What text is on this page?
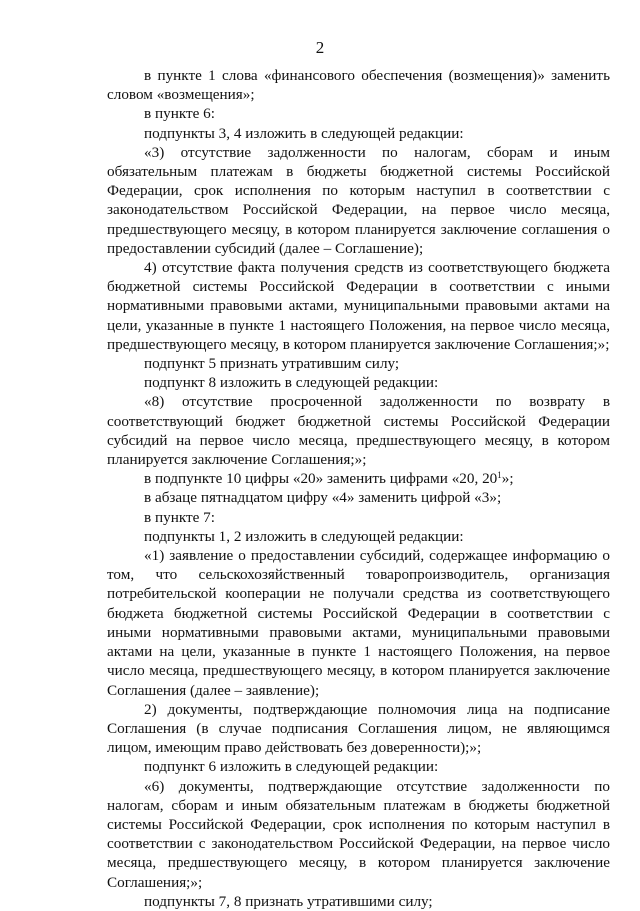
2

в пункте 1 слова «финансового обеспечения (возмещения)» заменить словом «возмещения»;

в пункте 6:

подпункты 3, 4 изложить в следующей редакции:

«3) отсутствие задолженности по налогам, сборам и иным обязательным платежам в бюджеты бюджетной системы Российской Федерации, срок исполнения по которым наступил в соответствии с законодательством Российской Федерации, на первое число месяца, предшествующего месяцу, в котором планируется заключение соглашения о предоставлении субсидий (далее – Соглашение);

4) отсутствие факта получения средств из соответствующего бюджета бюджетной системы Российской Федерации в соответствии с иными нормативными правовыми актами, муниципальными правовыми актами на цели, указанные в пункте 1 настоящего Положения, на первое число месяца, предшествующего месяцу, в котором планируется заключение Соглашения;»;

подпункт 5 признать утратившим силу;

подпункт 8 изложить в следующей редакции:

«8) отсутствие просроченной задолженности по возврату в соответствующий бюджет бюджетной системы Российской Федерации субсидий на первое число месяца, предшествующего месяцу, в котором планируется заключение Соглашения;»;

в подпункте 10 цифры «20» заменить цифрами «20, $20^1$»;

в абзаце пятнадцатом цифру «4» заменить цифрой «3»;

в пункте 7:

подпункты 1, 2 изложить в следующей редакции:

«1) заявление о предоставлении субсидий, содержащее информацию о том, что сельскохозяйственный товаропроизводитель, организация потребительской кооперации не получали средства из соответствующего бюджета бюджетной системы Российской Федерации в соответствии с иными нормативными правовыми актами, муниципальными правовыми актами на цели, указанные в пункте 1 настоящего Положения, на первое число месяца, предшествующего месяцу, в котором планируется заключение Соглашения (далее – заявление);

2) документы, подтверждающие полномочия лица на подписание Соглашения (в случае подписания Соглашения лицом, не являющимся лицом, имеющим право действовать без доверенности);»;

подпункт 6 изложить в следующей редакции:

«6) документы, подтверждающие отсутствие задолженности по налогам, сборам и иным обязательным платежам в бюджеты бюджетной системы Российской Федерации, срок исполнения по которым наступил в соответствии с законодательством Российской Федерации, на первое число месяца, предшествующего месяцу, в котором планируется заключение Соглашения;»;

подпункты 7, 8 признать утратившими силу;
